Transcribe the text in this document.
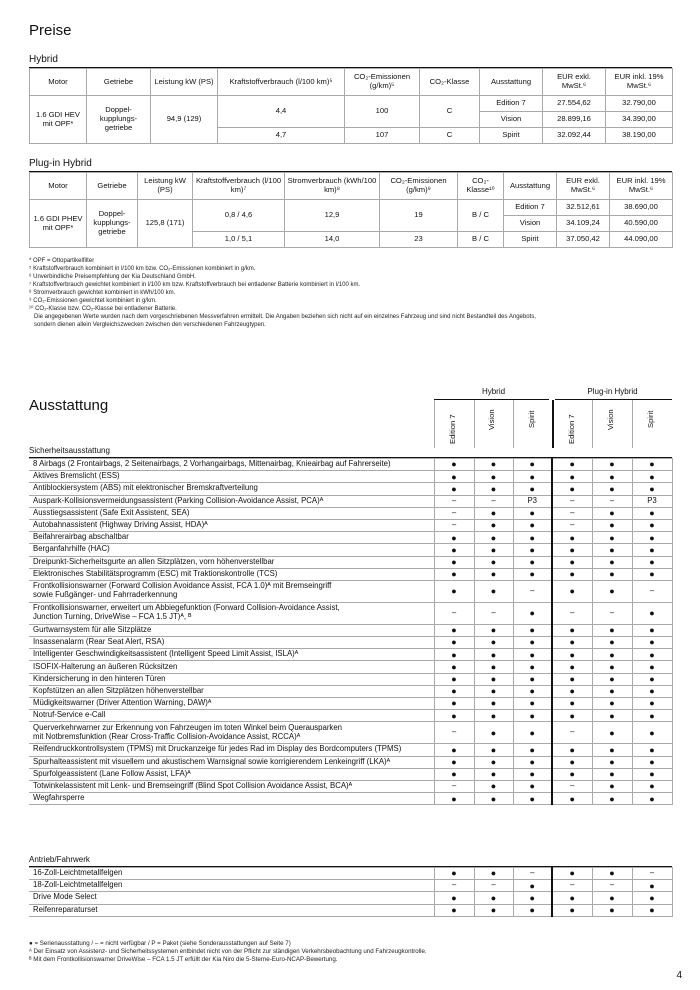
Preise
Hybrid
Motor	Getriebe	Leistung kW (PS)	Kraftstoffverbrauch (l/100 km)⁵	CO₂-Emissionen (g/km)⁵	CO₂-Klasse	Ausstattung	EUR exkl. MwSt.⁶	EUR inkl. 19% MwSt.⁶
1.6 GDI HEV mit OPF*	Doppel-kupplungs-getriebe	94,9 (129)	4,4	100	C	Edition 7	27.554,62	32.790,00
						Vision	28.899,16	34.390,00
			4,7	107	C	Spirit	32.092,44	38.190,00
Plug-in Hybrid
Motor	Getriebe	Leistung kW (PS)	Kraftstoffverbrauch (l/100 km)⁷	Stromverbrauch (kWh/100 km)⁸	CO₂-Emissionen (g/km)⁹	CO₂-Klasse¹⁰	Ausstattung	EUR exkl. MwSt.⁶	EUR inkl. 19% MwSt.⁶
1.6 GDI PHEV mit OPF*	Doppel-kupplungs-getriebe	125,8 (171)	0,8 / 4,6	12,9	19	B / C	Edition 7	32.512,61	38.690,00
							Vision	34.109,24	40.590,00
			1,0 / 5,1	14,0	23	B / C	Spirit	37.050,42	44.090,00
* OPF = Ottopartikelfilter
⁵ Kraftstoffverbrauch kombiniert in l/100 km bzw. CO₂-Emissionen kombiniert in g/km.
⁶ Unverbindliche Preisempfehlung der Kia Deutschland GmbH.
⁷ Kraftstoffverbrauch gewichtet kombiniert in l/100 km bzw. Kraftstoffverbrauch bei entladener Batterie kombiniert in l/100 km.
⁸ Stromverbrauch gewichtet kombiniert in kWh/100 km.
⁹ CO₂-Emissionen gewichtet kombiniert in g/km.
¹⁰ CO₂-Klasse bzw. CO₂-Klasse bei entladener Batterie.
Die angegebenen Werte wurden nach dem vorgeschriebenen Messverfahren ermittelt. Die Angaben beziehen sich nicht auf ein einzelnes Fahrzeug und sind nicht Bestandteil des Angebots,
sondern dienen allein Vergleichszwecken zwischen den verschiedenen Fahrzeugtypen.
Ausstattung
Hybrid	Plug-in Hybrid
Edition 7	Vision	Spirit	Edition 7	Vision	Spirit
Sicherheitsausstattung
8 Airbags (2 Frontairbags, 2 Seitenairbags, 2 Vorhangairbags, Mittenairbag, Knieairbag auf Fahrerseite)	●	●	●	●	●	●

Aktives Bremslicht (ESS)	●	●	●	●	●	●

Antiblockiersystem (ABS) mit elektronischer Bremskraftverteilung	●	●	●	●	●	●

Auspark-Kollisionsvermeidungsassistent (Parking Collision-Avoidance Assist, PCA)ᴬ	–	–	P3	–	–	P3

Ausstiegsassistent (Safe Exit Assistent, SEA)	–	●	●	–	●	●

Autobahnassistent (Highway Driving Assist, HDA)ᴬ	–	●	●	–	●	●

Beifahrerairbag abschaltbar	●	●	●	●	●	●

Berganfahrhilfe (HAC)	●	●	●	●	●	●

Dreipunkt-Sicherheitsgurte an allen Sitzplätzen, vorn höhenverstellbar	●	●	●	●	●	●

Elektronisches Stabilitätsprogramm (ESC) mit Traktionskontrolle (TCS)	●	●	●	●	●	●

Frontkollisionswarner (Forward Collision Avoidance Assist, FCA 1.0)ᴬ mit Bremseingriff
sowie Fußgänger- und Fahrraderkennung	●	●	–	●	●	–

Frontkollisionswarner, erweitert um Abbiegefunktion (Forward Collision-Avoidance Assist,
Junction Turning, DriveWise – FCA 1.5 JT)ᴬ, ᴮ	–	–	●	–	–	●

Gurtwarnsystem für alle Sitzplätze	●	●	●	●	●	●

Insassenalarm (Rear Seat Alert, RSA)	●	●	●	●	●	●

Intelligenter Geschwindigkeitsassistent (Intelligent Speed Limit Assist, ISLA)ᴬ	●	●	●	●	●	●

ISOFIX-Halterung an äußeren Rücksitzen	●	●	●	●	●	●

Kindersicherung in den hinteren Türen	●	●	●	●	●	●

Kopfstützen an allen Sitzplätzen höhenverstellbar	●	●	●	●	●	●

Müdigkeitswarner (Driver Attention Warning, DAW)ᴬ	●	●	●	●	●	●

Notruf-Service e-Call	●	●	●	●	●	●

Querverkehrwarner zur Erkennung von Fahrzeugen im toten Winkel beim Querausparken
mit Notbremsfunktion (Rear Cross-Traffic Collision-Avoidance Assist, RCCA)ᴬ	–	●	●	–	●	●

Reifendruckkontrollsystem (TPMS) mit Druckanzeige für jedes Rad im Display des Bordcomputers (TPMS)	●	●	●	●	●	●

Spurhalteassistent mit visuellem und akustischem Warnsignal sowie korrigierendem Lenkeingriff (LKA)ᴬ	●	●	●	●	●	●

Spurfolgeassistent (Lane Follow Assist, LFA)ᴬ	●	●	●	●	●	●

Totwinkelassistent mit Lenk- und Bremseingriff (Blind Spot Collision Avoidance Assist, BCA)ᴬ	–	●	●	–	●	●

Wegfahrsperre	●	●	●	●	●	●
Antrieb/Fahrwerk
16-Zoll-Leichtmetallfelgen	●	●	–	●	●	–

18-Zoll-Leichtmetallfelgen	–	–	●	–	–	●

Drive Mode Select	●	●	●	●	●	●

Reifenreparaturset	●	●	●	●	●	●
● = Serienausstattung / – = nicht verfügbar / P = Paket (siehe Sonderausstattungen auf Seite 7)
ᴬ Der Einsatz von Assistenz- und Sicherheitssystemen entbindet nicht von der Pflicht zur ständigen Verkehrsbeobachtung und Fahrzeugkontrolle.
ᴮ Mit dem Frontkollisionswarner DriveWise – FCA 1.5 JT erfüllt der Kia Niro die 5-Sterne-Euro-NCAP-Bewertung.
4
